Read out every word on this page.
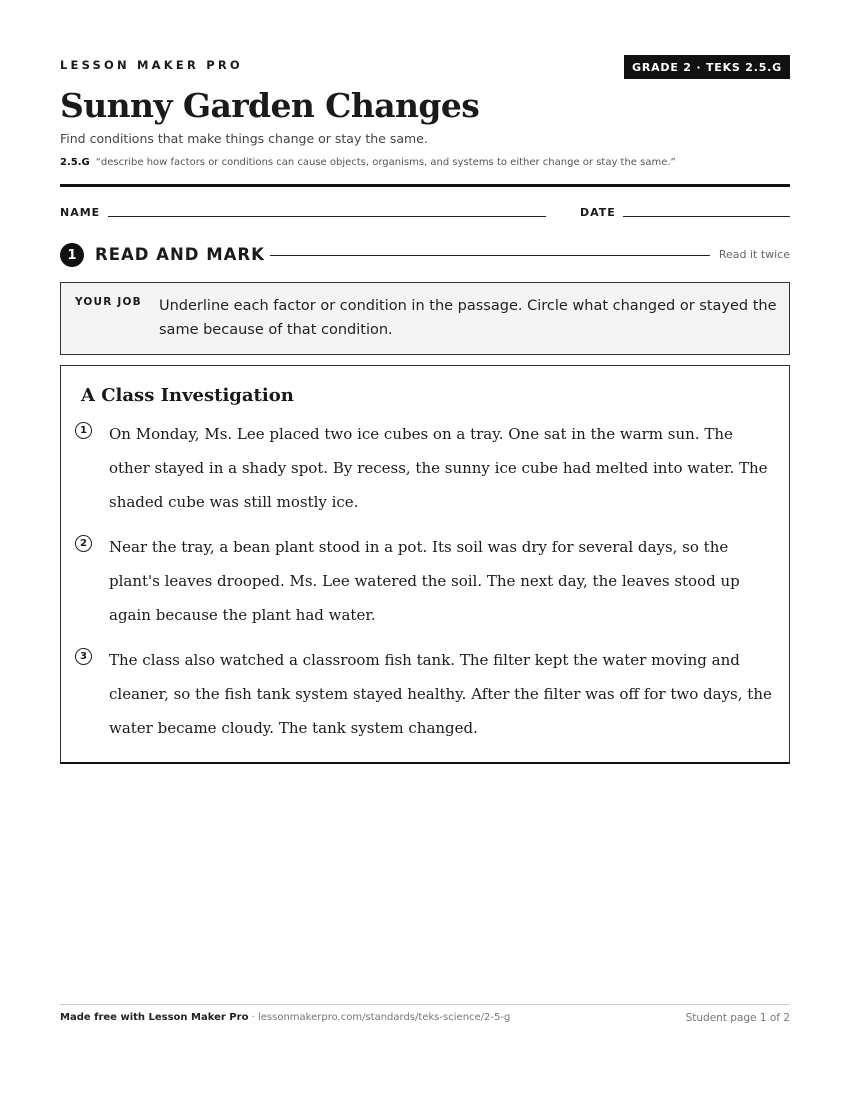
LESSON MAKER PRO	GRADE 2 · TEKS 2.5.G
Sunny Garden Changes
Find conditions that make things change or stay the same.
2.5.G “describe how factors or conditions can cause objects, organisms, and systems to either change or stay the same.”
NAME	DATE
1	READ AND MARK	Read it twice
YOUR JOB Underline each factor or condition in the passage. Circle what changed or stayed the same because of that condition.
A Class Investigation
1	On Monday, Ms. Lee placed two ice cubes on a tray. One sat in the warm sun. The other stayed in a shady spot. By recess, the sunny ice cube had melted into water. The shaded cube was still mostly ice.
2	Near the tray, a bean plant stood in a pot. Its soil was dry for several days, so the plant's leaves drooped. Ms. Lee watered the soil. The next day, the leaves stood up again because the plant had water.
3	The class also watched a classroom fish tank. The filter kept the water moving and cleaner, so the fish tank system stayed healthy. After the filter was off for two days, the water became cloudy. The tank system changed.
Made free with Lesson Maker Pro · lessonmakerpro.com/standards/teks-science/2-5-g	Student page 1 of 2
